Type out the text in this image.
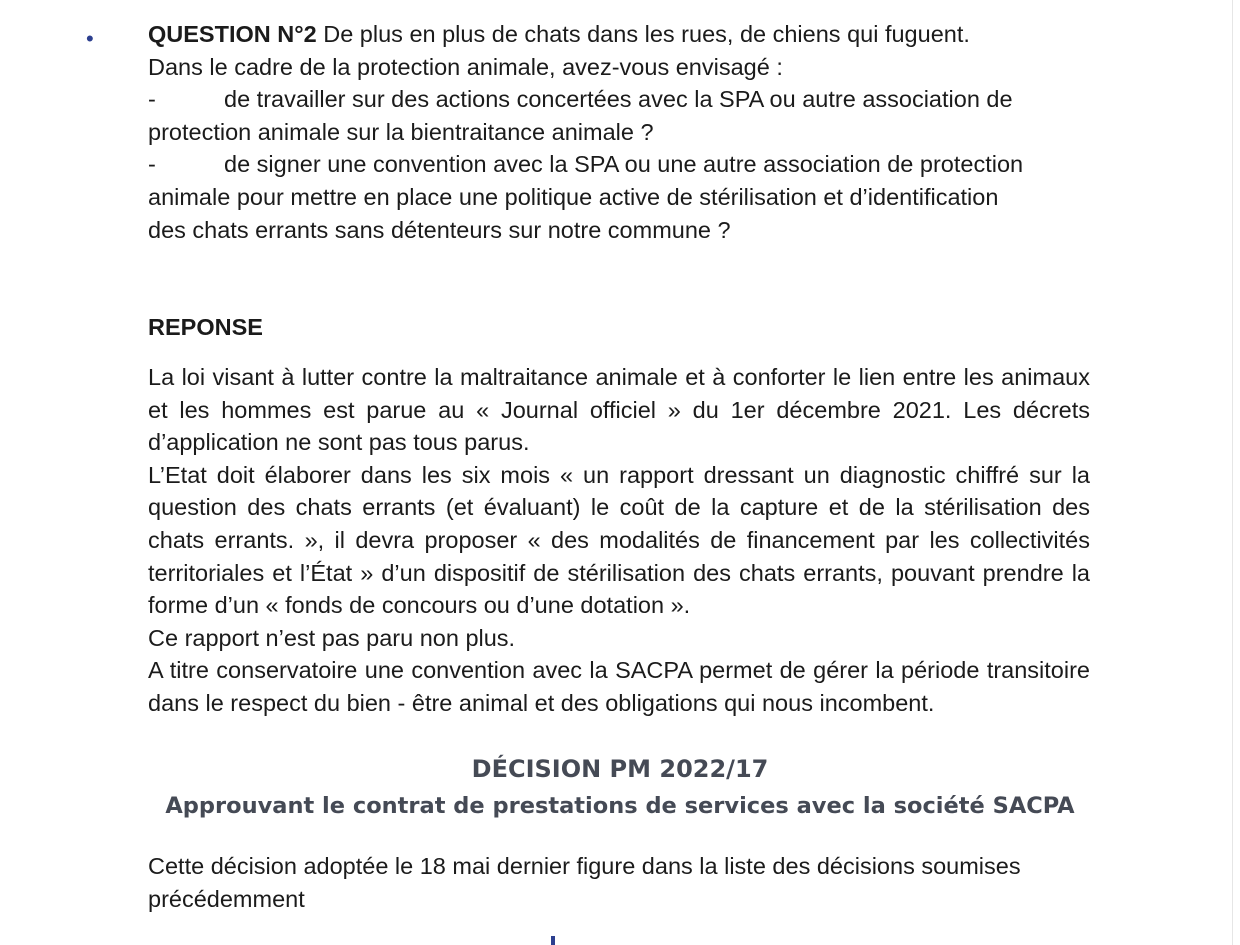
• QUESTION N°2 De plus en plus de chats dans les rues, de chiens qui fuguent.
Dans le cadre de la protection animale, avez-vous envisagé :
-	de travailler sur des actions concertées avec la SPA ou autre association de
protection animale sur la bientraitance animale ?
-	de signer une convention avec la SPA ou une autre association de protection
animale pour mettre en place une politique active de stérilisation et d’identification
des chats errants sans détenteurs sur notre commune ?
REPONSE
La loi visant à lutter contre la maltraitance animale et à conforter le lien entre les animaux et les hommes est parue au « Journal officiel » du 1er décembre 2021. Les décrets d’application ne sont pas tous parus.
L’Etat doit élaborer dans les six mois « un rapport dressant un diagnostic chiffré sur la question des chats errants (et évaluant) le coût de la capture et de la stérilisation des chats errants. », il devra proposer « des modalités de financement par les collectivités territoriales et l’État » d’un dispositif de stérilisation des chats errants, pouvant prendre la forme d’un « fonds de concours ou d’une dotation ».
Ce rapport n’est pas paru non plus.
A titre conservatoire une convention avec la SACPA permet de gérer la période transitoire dans le respect du bien - être animal et des obligations qui nous incombent.
DÉCISION PM 2022/17
Approuvant le contrat de prestations de services avec la société SACPA
Cette décision adoptée le 18 mai dernier figure dans la liste des décisions soumises précédemment
